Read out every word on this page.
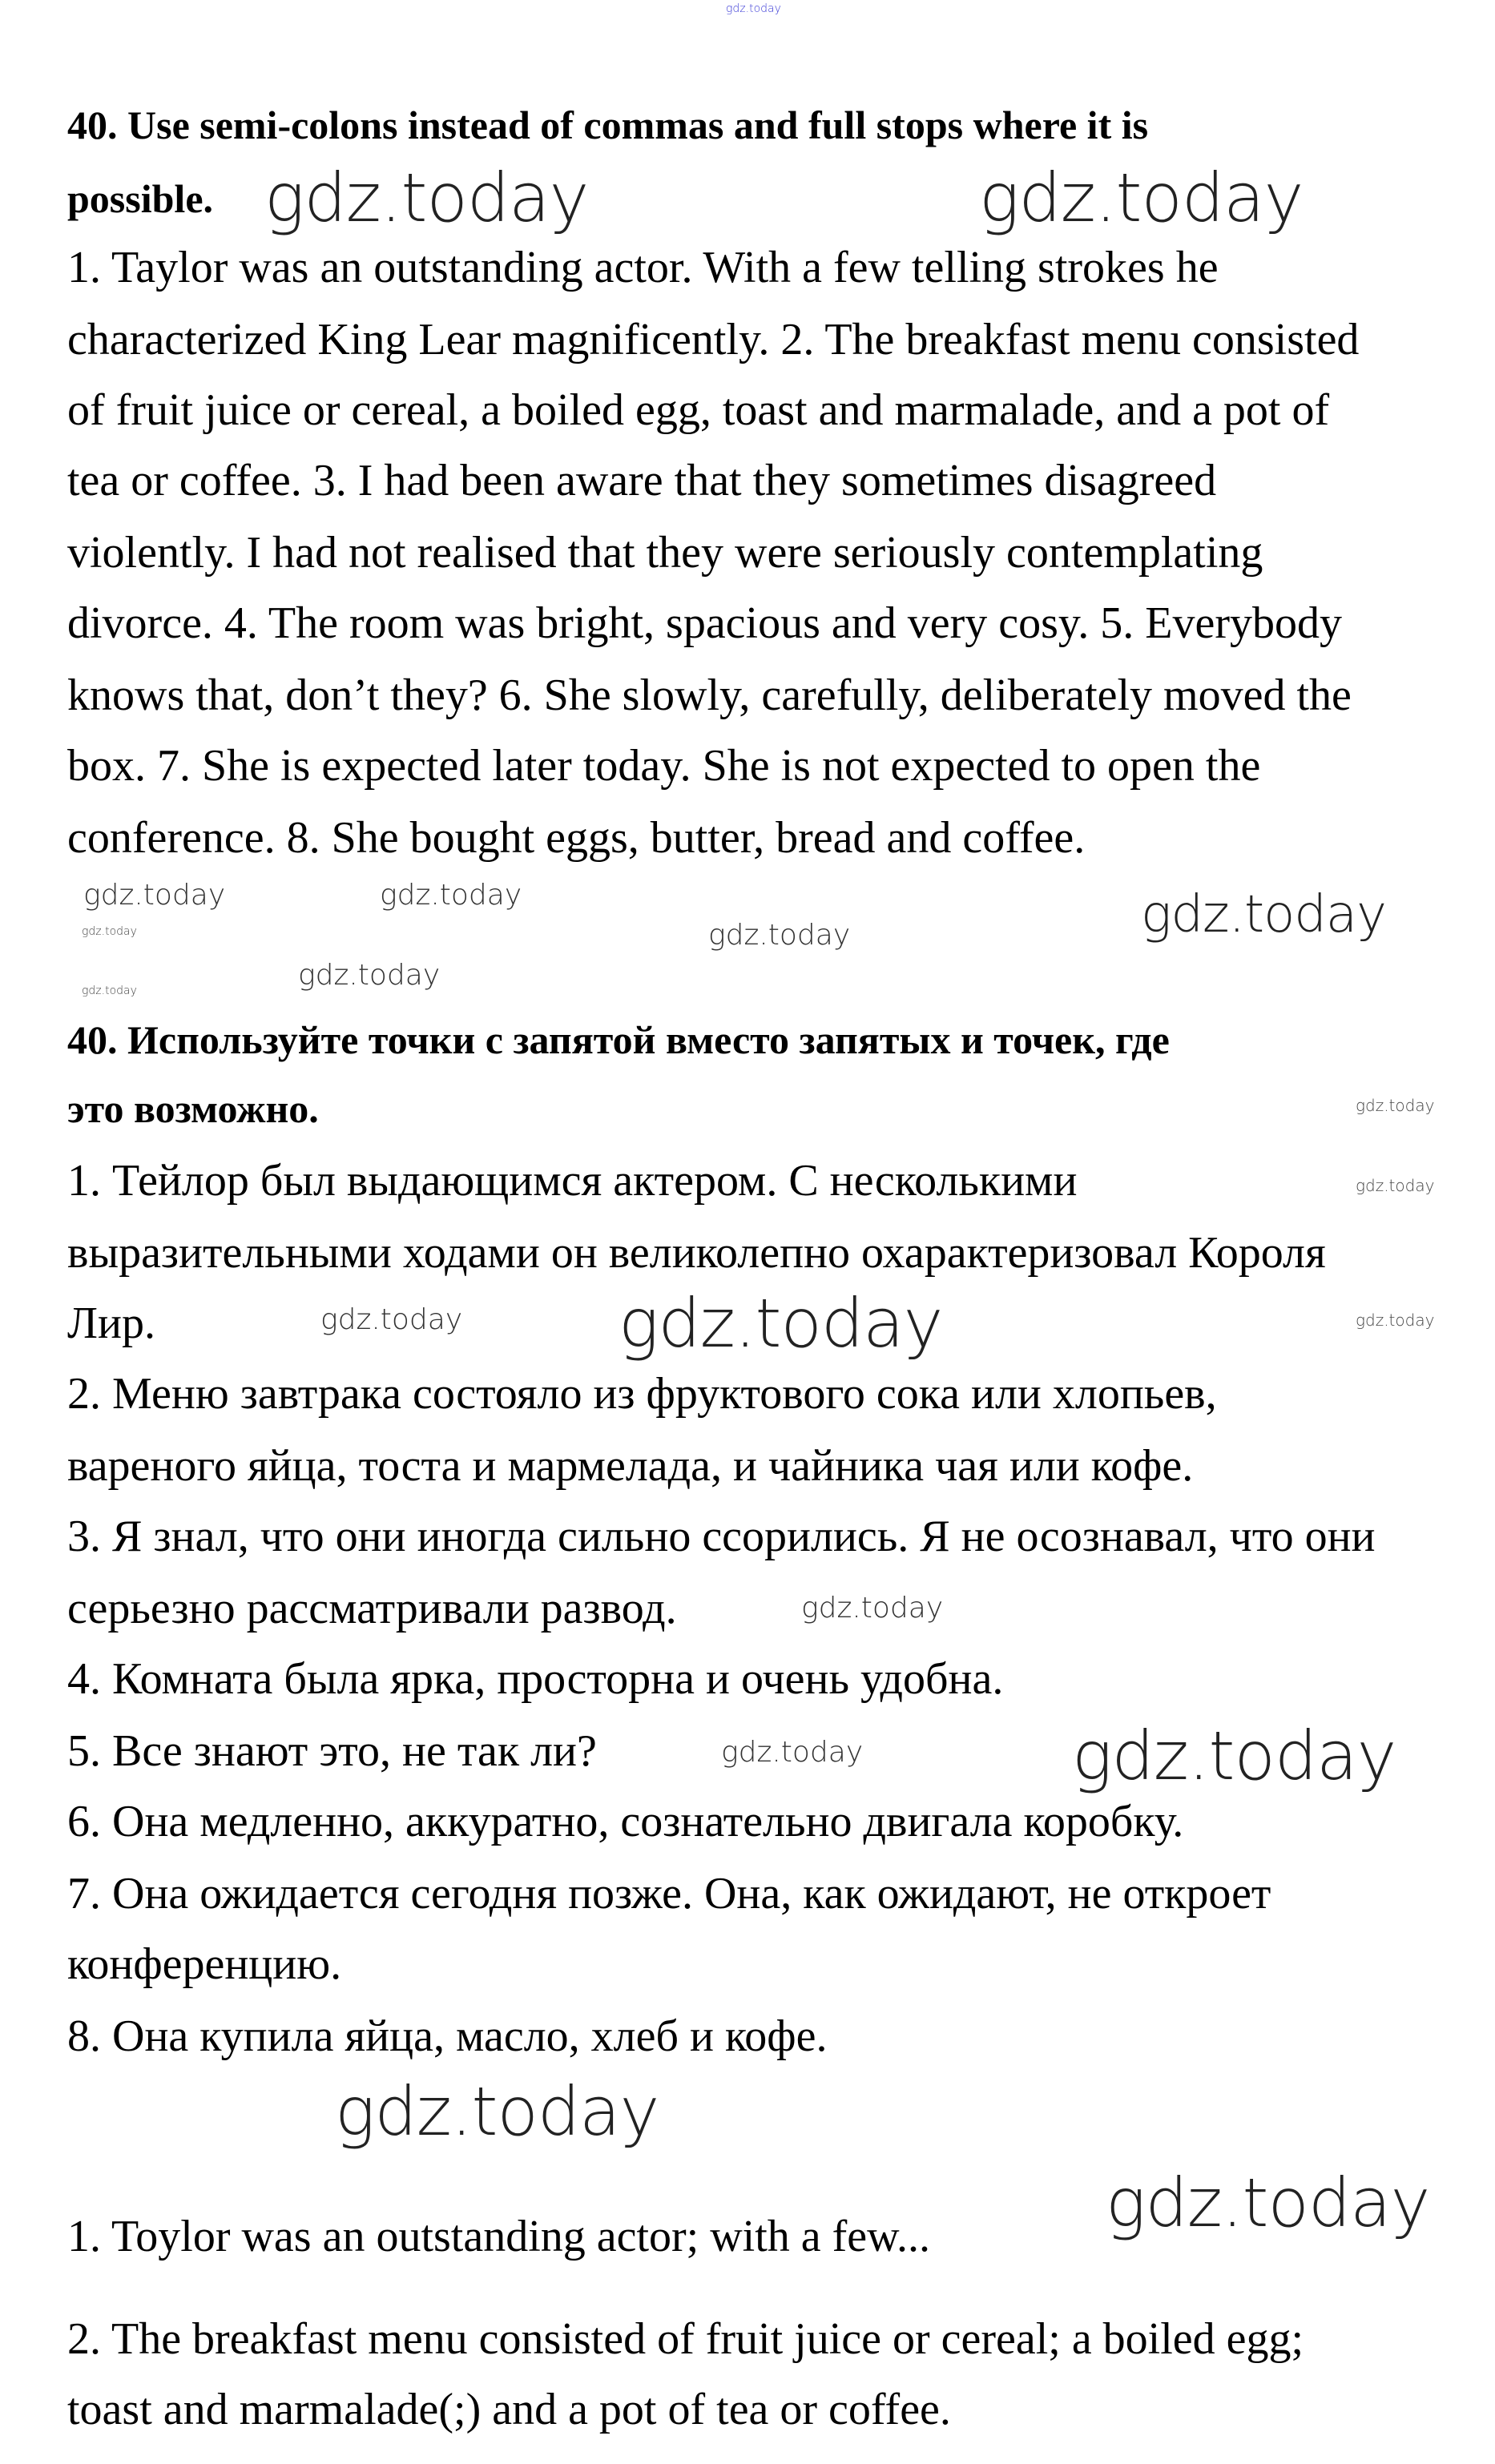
40. Use semi-colons instead of commas and full stops where it is
possible.
1. Taylor was an outstanding actor. With a few telling strokes he
characterized King Lear magnificently. 2. The breakfast menu consisted
of fruit juice or cereal, a boiled egg, toast and marmalade, and a pot of
tea or coffee. 3. I had been aware that they sometimes disagreed
violently. I had not realised that they were seriously contemplating
divorce. 4. The room was bright, spacious and very cosy. 5. Everybody
knows that, don’t they? 6. She slowly, carefully, deliberately moved the
box. 7. She is expected later today. She is not expected to open the
conference. 8. She bought eggs, butter, bread and coffee.
40. Используйте точки с запятой вместо запятых и точек, где
это возможно.
1. Тейлор был выдающимся актером. С несколькими
выразительными ходами он великолепно охарактеризовал Короля
Лир.
2. Меню завтрака состояло из фруктового сока или хлопьев,
вареного яйца, тоста и мармелада, и чайника чая или кофе.
3. Я знал, что они иногда сильно ссорились. Я не осознавал, что они
серьезно рассматривали развод.
4. Комната была ярка, просторна и очень удобна.
5. Все знают это, не так ли?
6. Она медленно, аккуратно, сознательно двигала коробку.
7. Она ожидается сегодня позже. Она, как ожидают, не откроет
конференцию.
8. Она купила яйца, масло, хлеб и кофе.
1. Toylor was an outstanding actor; with a few...
2. The breakfast menu consisted of fruit juice or cereal; a boiled egg;
toast and marmalade(;) and a pot of tea or coffee.
gdz.today
gdz.today	gdz.today
gdz.today	gdz.today
gdz.today	gdz.today
gdz.today
gdz.today
gdz.today
gdz.today
gdz.today
gdz.today
gdz.today	gdz.today
gdz.today
gdz.today	gdz.today
gdz.today
gdz.today
